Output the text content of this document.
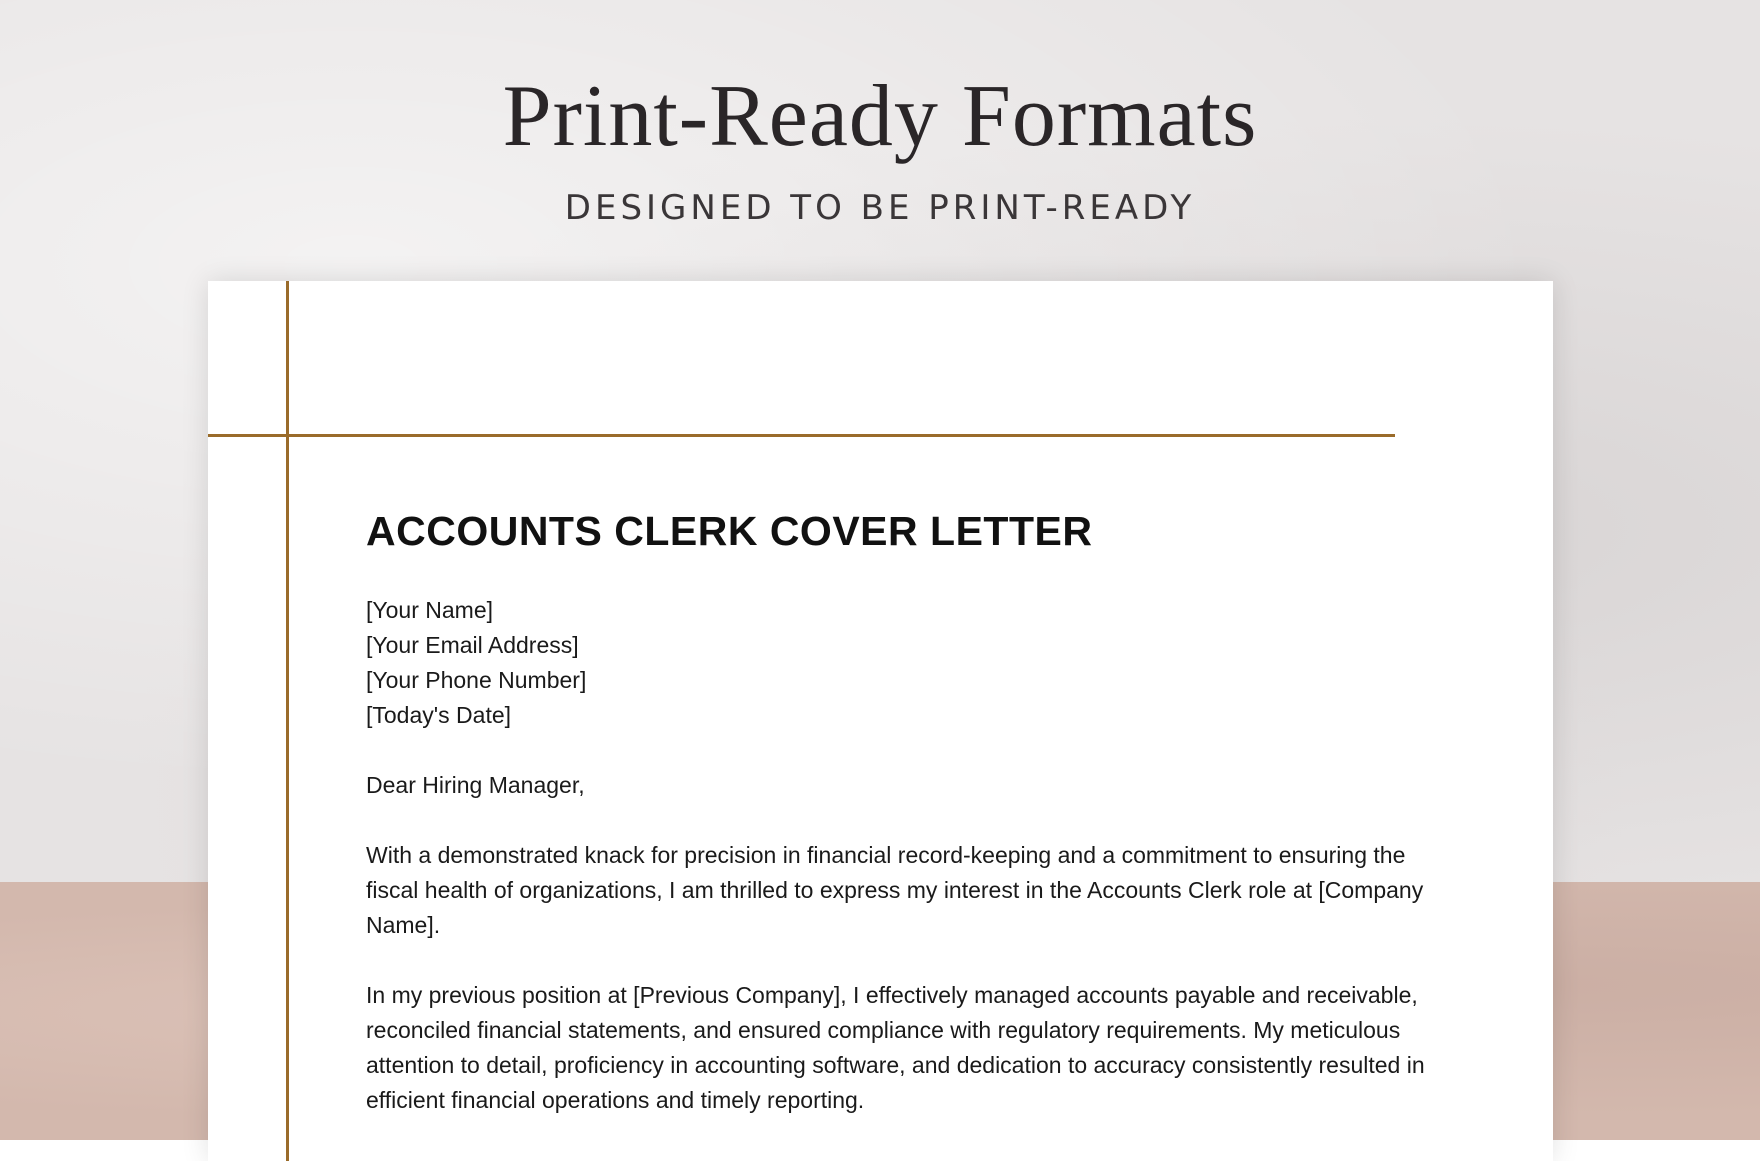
Print-Ready Formats
DESIGNED TO BE PRINT-READY
ACCOUNTS CLERK COVER LETTER

[Your Name]

[Your Email Address]

[Your Phone Number]

[Today's Date]

Dear Hiring Manager,

With a demonstrated knack for precision in financial record-keeping and a commitment to ensuring the fiscal health of organizations, I am thrilled to express my interest in the Accounts Clerk role at [Company Name].

In my previous position at [Previous Company], I effectively managed accounts payable and receivable, reconciled financial statements, and ensured compliance with regulatory requirements. My meticulous attention to detail, proficiency in accounting software, and dedication to accuracy consistently resulted in efficient financial operations and timely reporting.
